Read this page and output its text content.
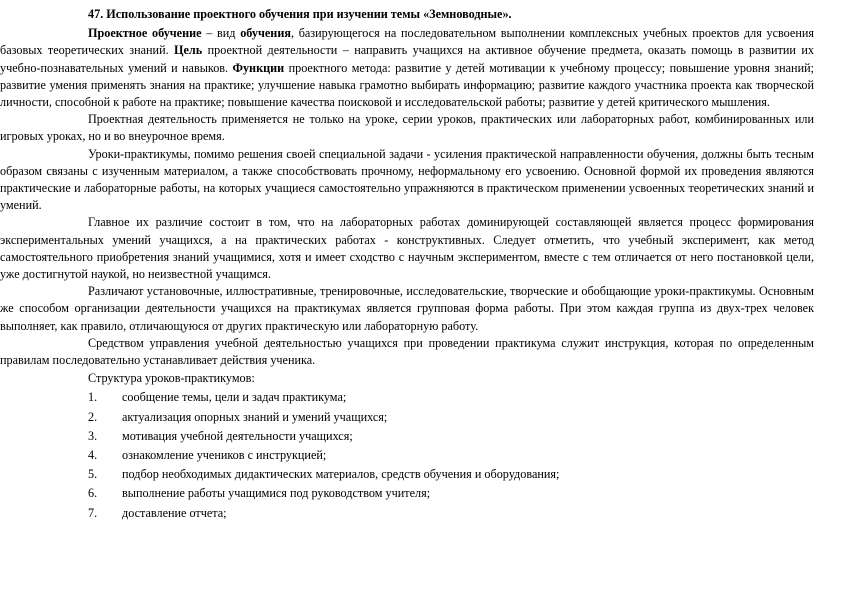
47. Использование проектного обучения при изучении темы «Земноводные».

Проектное обучение – вид обучения, базирующегося на последовательном выполнении комплексных учебных проектов для усвоения базовых теоретических знаний. Цель проектной деятельности – направить учащихся на активное обучение предмета, оказать помощь в развитии их учебно-познавательных умений и навыков. Функции проектного метода: развитие у детей мотивации к учебному процессу; повышение уровня знаний; развитие умения применять знания на практике; улучшение навыка грамотно выбирать информацию; развитие каждого участника проекта как творческой личности, способной к работе на практике; повышение качества поисковой и исследовательской работы; развитие у детей критического мышления.

Проектная деятельность применяется не только на уроке, серии уроков, практических или лабораторных работ, комбинированных или игровых уроках, но и во внеурочное время.

Уроки-практикумы, помимо решения своей специальной задачи - усиления практической направленности обучения, должны быть тесным образом связаны с изученным материалом, а также способствовать прочному, неформальному его усвоению. Основной формой их проведения являются практические и лабораторные работы, на которых учащиеся самостоятельно упражняются в практическом применении усвоенных теоретических знаний и умений.

Главное их различие состоит в том, что на лабораторных работах доминирующей составляющей является процесс формирования экспериментальных умений учащихся, а на практических работах - конструктивных. Следует отметить, что учебный эксперимент, как метод самостоятельного приобретения знаний учащимися, хотя и имеет сходство с научным экспериментом, вместе с тем отличается от него постановкой цели, уже достигнутой наукой, но неизвестной учащимся.

Различают установочные, иллюстративные, тренировочные, исследовательские, творческие и обобщающие уроки-практикумы. Основным же способом организации деятельности учащихся на практикумах является групповая форма работы. При этом каждая группа из двух-трех человек выполняет, как правило, отличающуюся от других практическую или лабораторную работу.

Средством управления учебной деятельностью учащихся при проведении практикума служит инструкция, которая по определенным правилам последовательно устанавливает действия ученика.

Структура уроков-практикумов:
1.	сообщение темы, цели и задач практикума;
2.	актуализация опорных знаний и умений учащихся;
3.	мотивация учебной деятельности учащихся;
4.	ознакомление учеников с инструкцией;
5.	подбор необходимых дидактических материалов, средств обучения и оборудования;
6.	выполнение работы учащимися под руководством учителя;
7.	доставление отчета;
